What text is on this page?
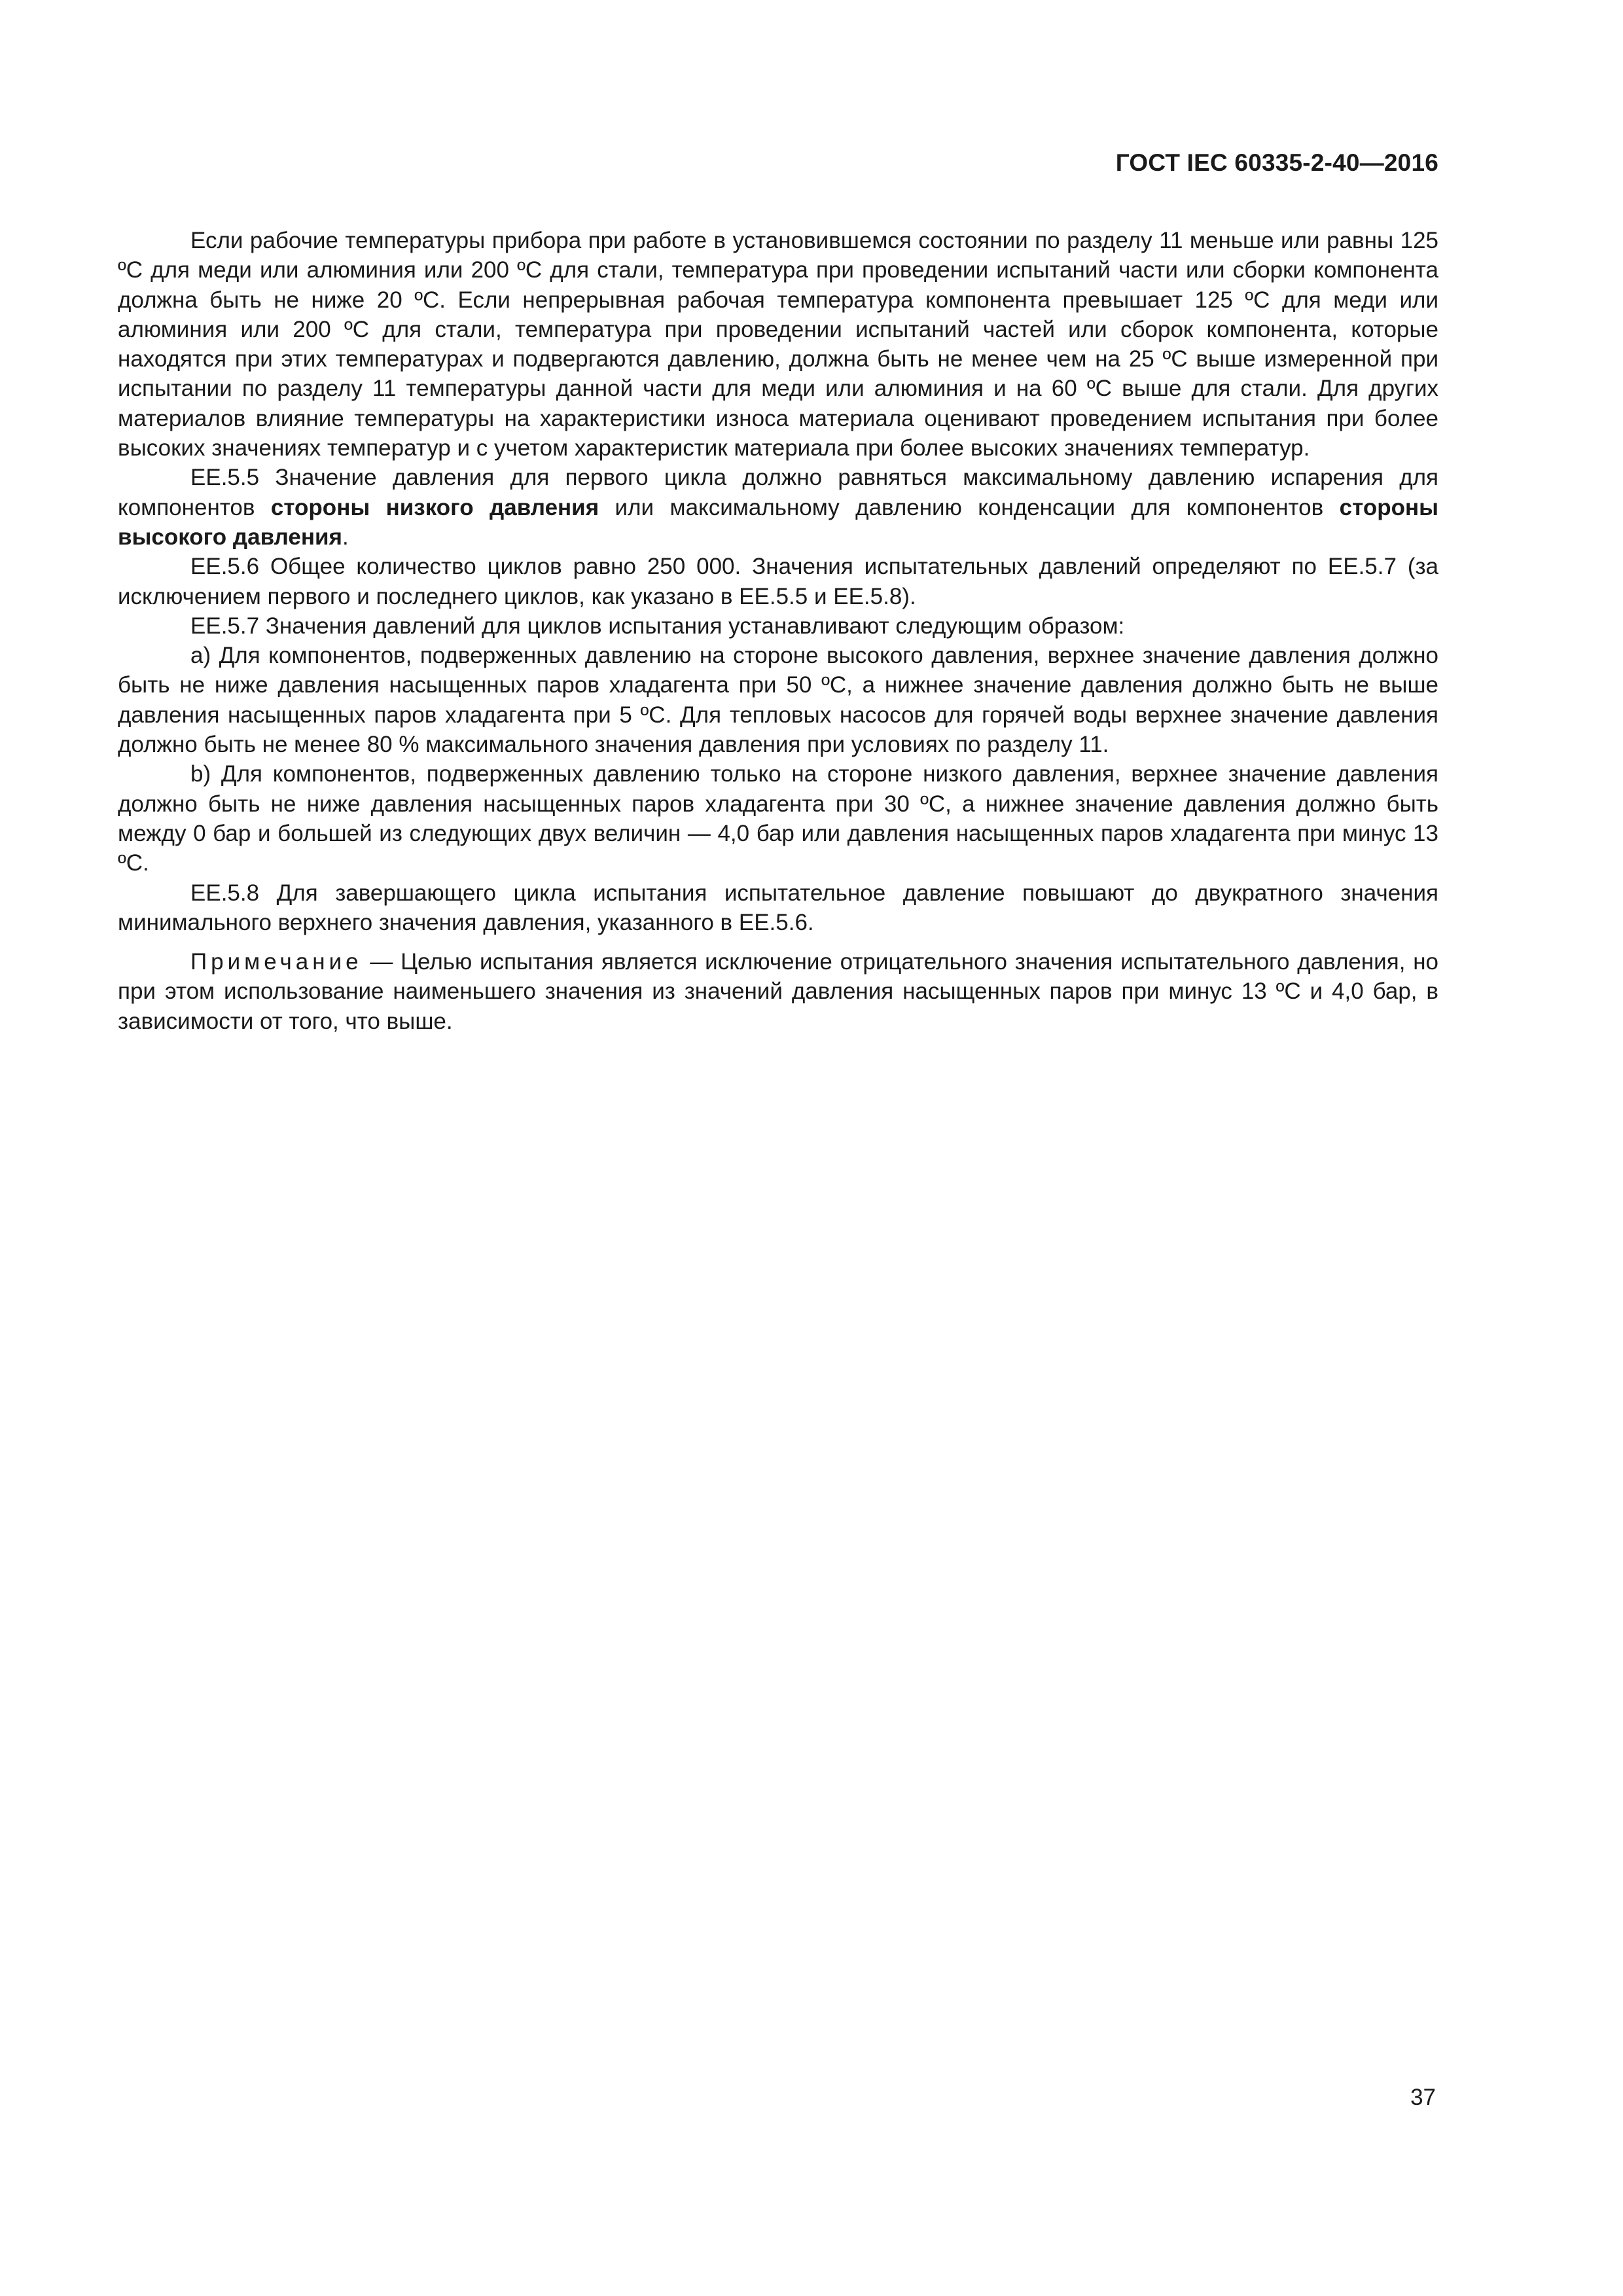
ГОСТ IEC 60335-2-40—2016

Если рабочие температуры прибора при работе в установившемся состоянии по разделу 11 меньше или равны 125 ºС для меди или алюминия или 200 ºС для стали, температура при проведении испытаний части или сборки компонента должна быть не ниже 20 ºС. Если непрерывная рабочая температура компонента превышает 125 ºС для меди или алюминия или 200 ºС для стали, температура при проведении испытаний частей или сборок компонента, которые находятся при этих температурах и подвергаются давлению, должна быть не менее чем на 25 ºС выше измеренной при испытании по разделу 11 температуры данной части для меди или алюминия и на 60 ºС выше для стали. Для других материалов влияние температуры на характеристики износа материала оценивают проведением испытания при более высоких значениях температур и с учетом характеристик материала при более высоких значениях температур.

ЕЕ.5.5 Значение давления для первого цикла должно равняться максимальному давлению испарения для компонентов стороны низкого давления или максимальному давлению конденсации для компонентов стороны высокого давления.

ЕЕ.5.6 Общее количество циклов равно 250 000. Значения испытательных давлений определяют по ЕЕ.5.7 (за исключением первого и последнего циклов, как указано в ЕЕ.5.5 и ЕЕ.5.8).

ЕЕ.5.7 Значения давлений для циклов испытания устанавливают следующим образом:

а) Для компонентов, подверженных давлению на стороне высокого давления, верхнее значение давления должно быть не ниже давления насыщенных паров хладагента при 50 ºС, а нижнее значение давления должно быть не выше давления насыщенных паров хладагента при 5 ºС. Для тепловых насосов для горячей воды верхнее значение давления должно быть не менее 80 % максимального значения давления при условиях по разделу 11.

b) Для компонентов, подверженных давлению только на стороне низкого давления, верхнее значение давления должно быть не ниже давления насыщенных паров хладагента при 30 ºС, а нижнее значение давления должно быть между 0 бар и большей из следующих двух величин — 4,0 бар или давления насыщенных паров хладагента при минус 13 ºС.

ЕЕ.5.8 Для завершающего цикла испытания испытательное давление повышают до двукратного значения минимального верхнего значения давления, указанного в ЕЕ.5.6.

Примечание — Целью испытания является исключение отрицательного значения испытательного давления, но при этом использование наименьшего значения из значений давления насыщенных паров при минус 13 ºС и 4,0 бар, в зависимости от того, что выше.

37
